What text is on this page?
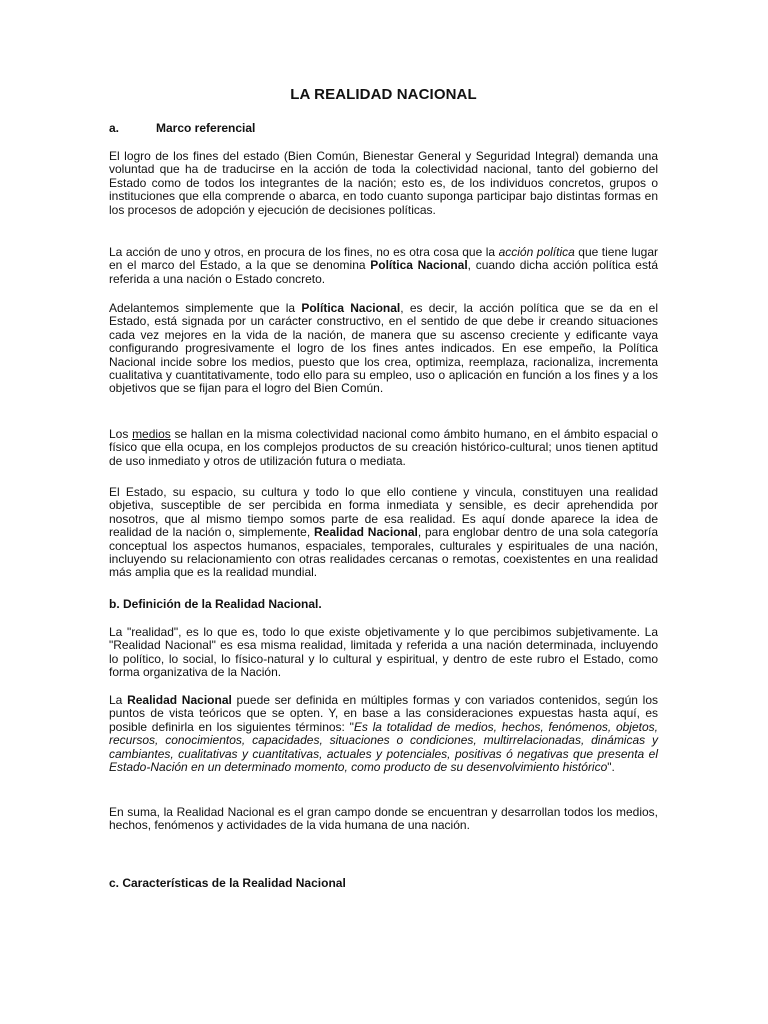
LA REALIDAD NACIONAL
a.	Marco referencial

El logro de los fines del estado (Bien Común, Bienestar General y Seguridad Integral) demanda una voluntad que ha de traducirse en la acción de toda la colectividad nacional, tanto del gobierno del Estado como de todos los integrantes de la nación; esto es, de los individuos concretos, grupos o instituciones que ella comprende o abarca, en todo cuanto suponga participar bajo distintas formas en los procesos de adopción y ejecución de decisiones políticas.

La acción de uno y otros, en procura de los fines, no es otra cosa que la acción política que tiene lugar en el marco del Estado, a la que se denomina Política Nacional, cuando dicha acción política está referida a una nación o Estado concreto.

Adelantemos simplemente que la Política Nacional, es decir, la acción política que se da en el Estado, está signada por un carácter constructivo, en el sentido de que debe ir creando situaciones cada vez mejores en la vida de la nación, de manera que su ascenso creciente y edificante vaya configurando progresivamente el logro de los fines antes indicados. En ese empeño, la Política Nacional incide sobre los medios, puesto que los crea, optimiza, reemplaza, racionaliza, incrementa cualitativa y cuantitativamente, todo ello para su empleo, uso o aplicación en función a los fines y a los objetivos que se fijan para el logro del Bien Común.

Los medios se hallan en la misma colectividad nacional como ámbito humano, en el ámbito espacial o físico que ella ocupa, en los complejos productos de su creación histórico-cultural; unos tienen aptitud de uso inmediato y otros de utilización futura o mediata.

El Estado, su espacio, su cultura y todo lo que ello contiene y vincula, constituyen una realidad objetiva, susceptible de ser percibida en forma inmediata y sensible, es decir aprehendida por nosotros, que al mismo tiempo somos parte de esa realidad. Es aquí donde aparece la idea de realidad de la nación o, simplemente, Realidad Nacional, para englobar dentro de una sola categoría conceptual los aspectos humanos, espaciales, temporales, culturales y espirituales de una nación, incluyendo su relacionamiento con otras realidades cercanas o remotas, coexistentes en una realidad más amplia que es la realidad mundial.

b. Definición de la Realidad Nacional.

La "realidad", es lo que es, todo lo que existe objetivamente y lo que percibimos subjetivamente. La "Realidad Nacional" es esa misma realidad, limitada y referida a una nación determinada, incluyendo lo político, lo social, lo físico-natural y lo cultural y espiritual, y dentro de este rubro el Estado, como forma organizativa de la Nación.

La Realidad Nacional puede ser definida en múltiples formas y con variados contenidos, según los puntos de vista teóricos que se opten. Y, en base a las consideraciones expuestas hasta aquí, es posible definirla en los siguientes términos: "Es la totalidad de medios, hechos, fenómenos, objetos, recursos, conocimientos, capacidades, situaciones o condiciones, multirrelacionadas, dinámicas y cambiantes, cualitativas y cuantitativas, actuales y potenciales, positivas ó negativas que presenta el Estado-Nación en un determinado momento, como producto de su desenvolvimiento histórico".

En suma, la Realidad Nacional es el gran campo donde se encuentran y desarrollan todos los medios, hechos, fenómenos y actividades de la vida humana de una nación.

c. Características de la Realidad Nacional
